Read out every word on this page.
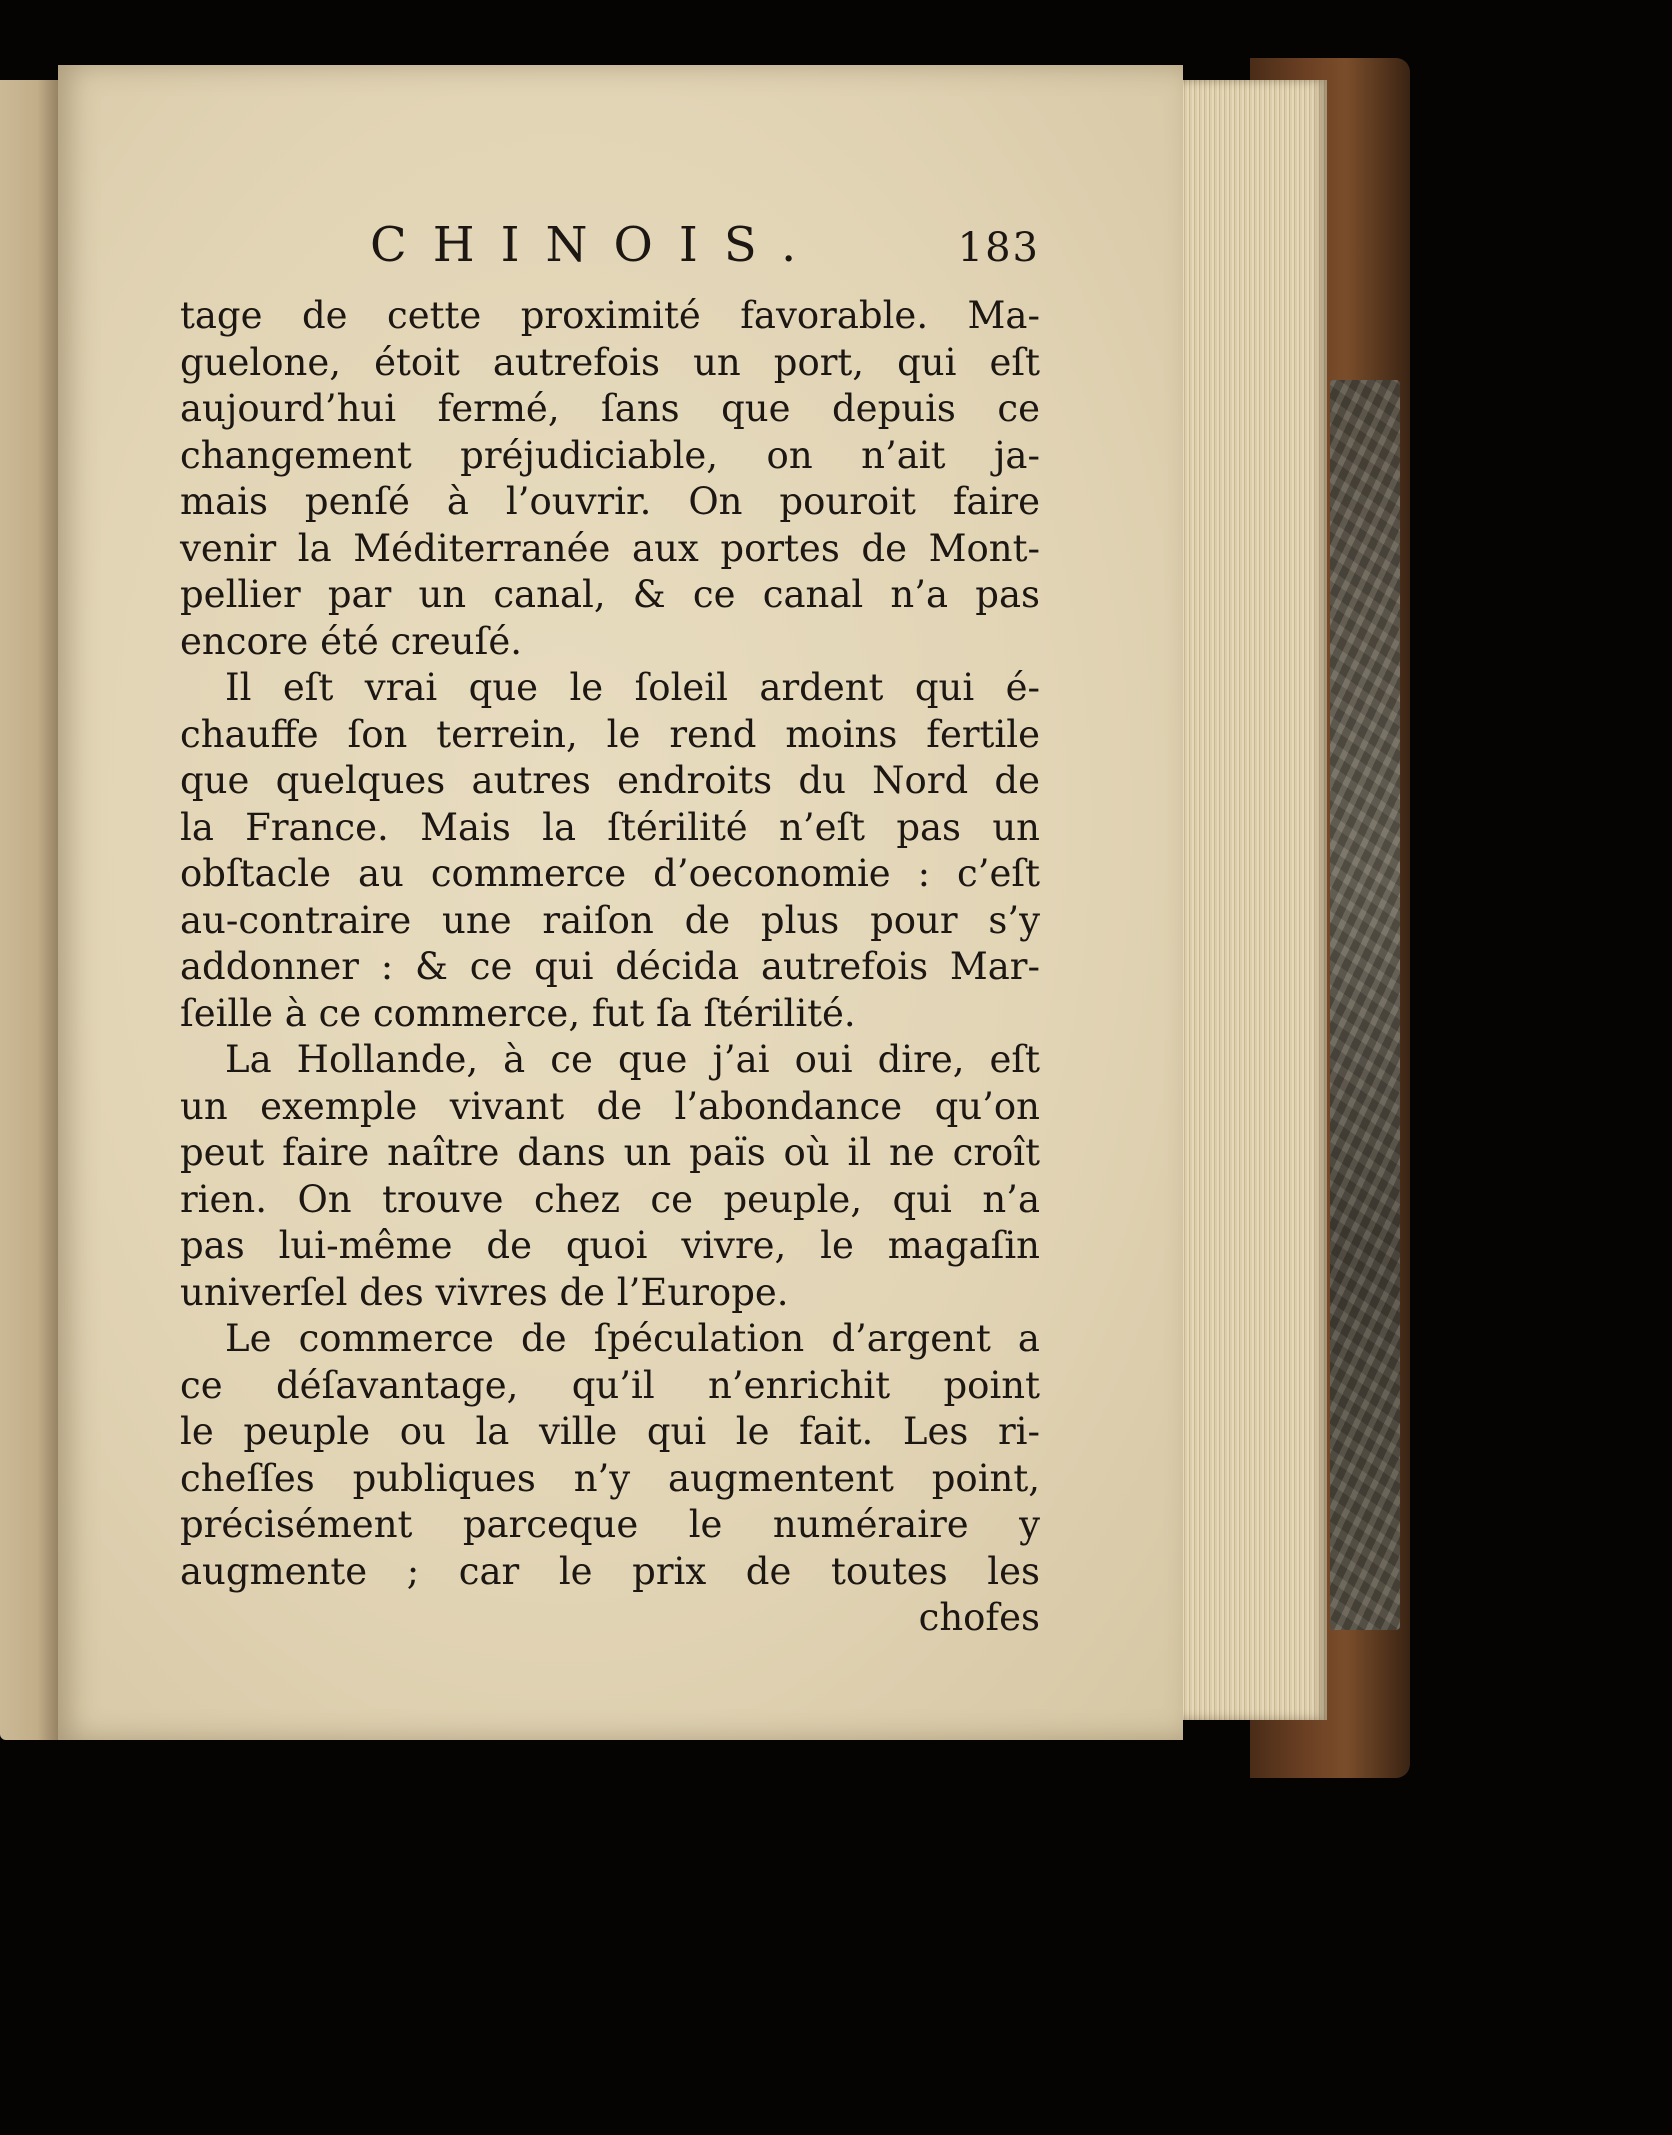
CHINOIS.	183
tage de cette proximité favorable. Ma-
guelone, étoit autrefois un port, qui eſt
aujourd’hui fermé, ſans que depuis ce
changement préjudiciable, on n’ait ja-
mais penſé à l’ouvrir. On pouroit faire
venir la Méditerranée aux portes de Mont-
pellier par un canal, & ce canal n’a pas
encore été creuſé.
Il eſt vrai que le ſoleil ardent qui é-
chauffe ſon terrein, le rend moins fertile
que quelques autres endroits du Nord de
la France. Mais la ſtérilité n’eſt pas un
obſtacle au commerce d’oeconomie : c’eſt
au-contraire une raiſon de plus pour s’y
addonner : & ce qui décida autrefois Mar-
ſeille à ce commerce, fut ſa ſtérilité.
La Hollande, à ce que j’ai oui dire, eſt
un exemple vivant de l’abondance qu’on
peut faire naître dans un païs où il ne croît
rien. On trouve chez ce peuple, qui n’a
pas lui-même de quoi vivre, le magaſin
univerſel des vivres de l’Europe.
Le commerce de ſpéculation d’argent a
ce déſavantage, qu’il n’enrichit point
le peuple ou la ville qui le fait. Les ri-
cheſſes publiques n’y augmentent point,
précisément parceque le numéraire y
augmente ; car le prix de toutes les
chofes
